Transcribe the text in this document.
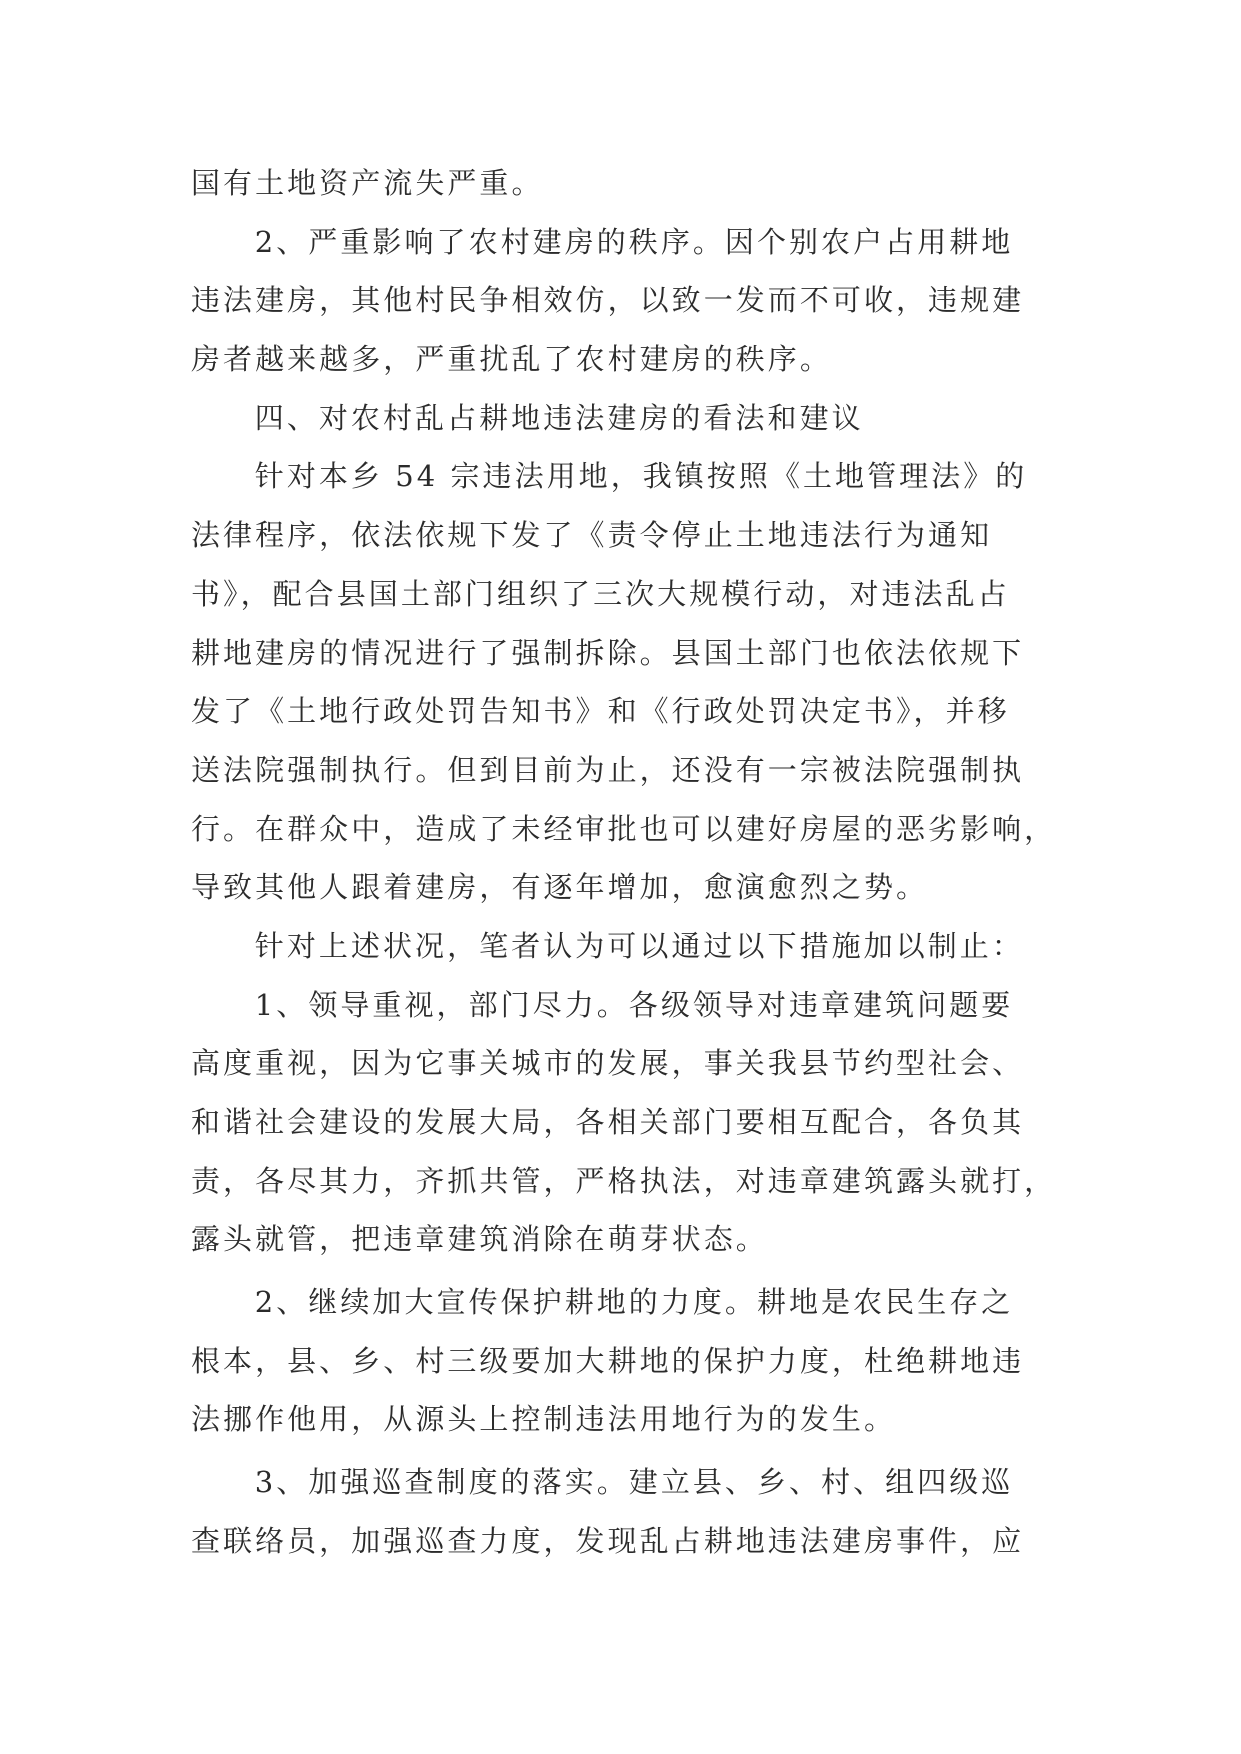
国有土地资产流失严重。

2、严重影响了农村建房的秩序。因个别农户占用耕地

违法建房，其他村民争相效仿，以致一发而不可收，违规建

房者越来越多，严重扰乱了农村建房的秩序。

四、对农村乱占耕地违法建房的看法和建议

针对本乡 54 宗违法用地，我镇按照《土地管理法》的

法律程序，依法依规下发了《责令停止土地违法行为通知

书》，配合县国土部门组织了三次大规模行动，对违法乱占

耕地建房的情况进行了强制拆除。县国土部门也依法依规下

发了《土地行政处罚告知书》和《行政处罚决定书》，并移

送法院强制执行。但到目前为止，还没有一宗被法院强制执

行。在群众中，造成了未经审批也可以建好房屋的恶劣影响，

导致其他人跟着建房，有逐年增加，愈演愈烈之势。

针对上述状况，笔者认为可以通过以下措施加以制止：

1、领导重视，部门尽力。各级领导对违章建筑问题要

高度重视，因为它事关城市的发展，事关我县节约型社会、

和谐社会建设的发展大局，各相关部门要相互配合，各负其

责，各尽其力，齐抓共管，严格执法，对违章建筑露头就打，

露头就管，把违章建筑消除在萌芽状态。

2、继续加大宣传保护耕地的力度。耕地是农民生存之

根本，县、乡、村三级要加大耕地的保护力度，杜绝耕地违

法挪作他用，从源头上控制违法用地行为的发生。

3、加强巡查制度的落实。建立县、乡、村、组四级巡

查联络员，加强巡查力度，发现乱占耕地违法建房事件，应
